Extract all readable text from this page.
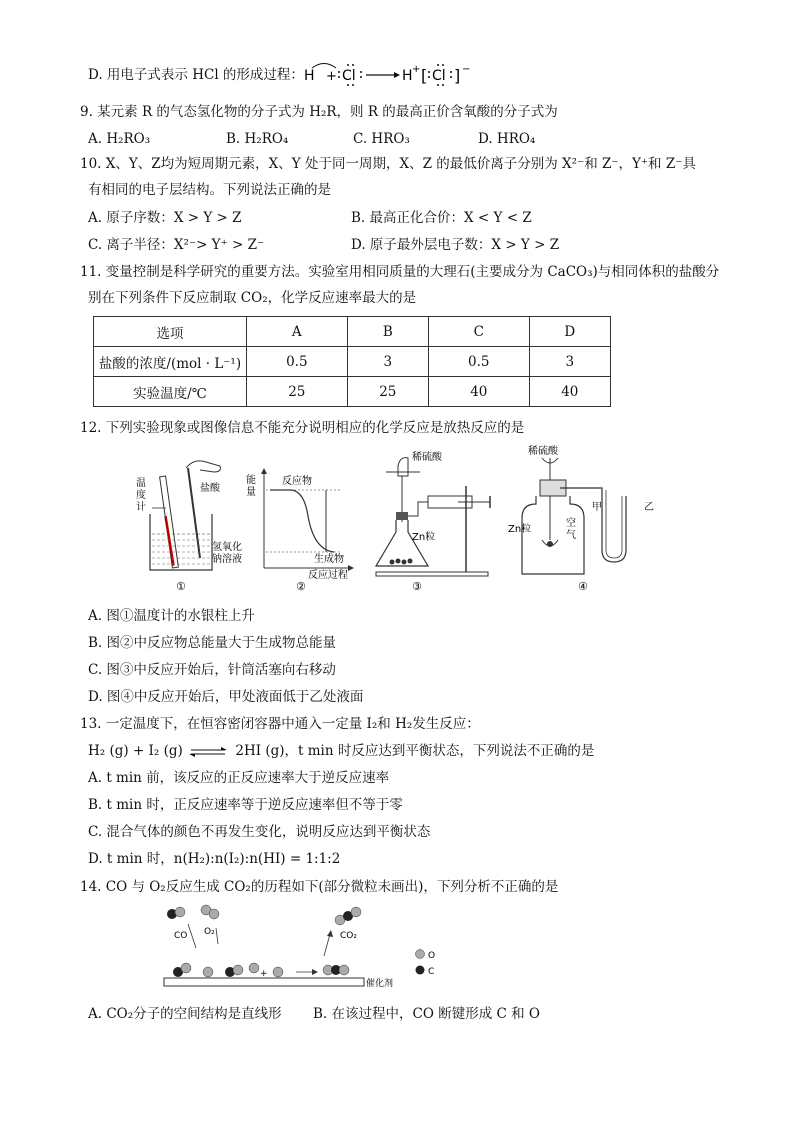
D. 用电子式表示 HCl 的形成过程： H + Cl	H + [ Cl ] −
9. 某元素 R 的气态氢化物的分子式为 H₂R，则 R 的最高正价含氧酸的分子式为
A. H₂RO₃	B. H₂RO₄	C. HRO₃	D. HRO₄
10. X、Y、Z均为短周期元素，X、Y 处于同一周期，X、Z 的最低价离子分别为 X²⁻和 Z⁻，Y⁺和 Z⁻具
有相同的电子层结构。下列说法正确的是
A. 原子序数：X > Y > Z	B. 最高正化合价：X < Y < Z
C. 离子半径：X²⁻> Y⁺ > Z⁻	D. 原子最外层电子数：X > Y > Z
11. 变量控制是科学研究的重要方法。实验室用相同质量的大理石(主要成分为 CaCO₃)与相同体积的盐酸分
别在下列条件下反应制取 CO₂，化学反应速率最大的是
选项	A	B	C	D
盐酸的浓度/(mol · L⁻¹)	0.5	3	0.5	3
实验温度/℃	25	25	40	40
12. 下列实验现象或图像信息不能充分说明相应的化学反应是放热反应的是
温
度
计
盐酸
氢氧化
钠溶液
①
能
量
反应物
生成物
反应过程
②
稀硫酸
Zn粒
③
稀硫酸
Zn粒
空
气
甲	乙
④
A. 图①温度计的水银柱上升
B. 图②中反应物总能量大于生成物总能量
C. 图③中反应开始后，针筒活塞向右移动
D. 图④中反应开始后，甲处液面低于乙处液面
13. 一定温度下，在恒容密闭容器中通入一定量 I₂和 H₂发生反应：
H₂ (g) + I₂ (g) ⇌ 2HI (g)，t min 时反应达到平衡状态，下列说法不正确的是
A. t min 前，该反应的正反应速率大于逆反应速率
B. t min 时，正反应速率等于逆反应速率但不等于零
C. 混合气体的颜色不再发生变化，说明反应达到平衡状态
D. t min 时，n(H₂):n(I₂):n(HI) = 1:1:2
14. CO 与 O₂反应生成 CO₂的历程如下(部分微粒未画出)，下列分析不正确的是
CO O₂
催化剂
+
CO₂
O
C
A. CO₂分子的空间结构是直线形 B. 在该过程中，CO 断键形成 C 和 O
